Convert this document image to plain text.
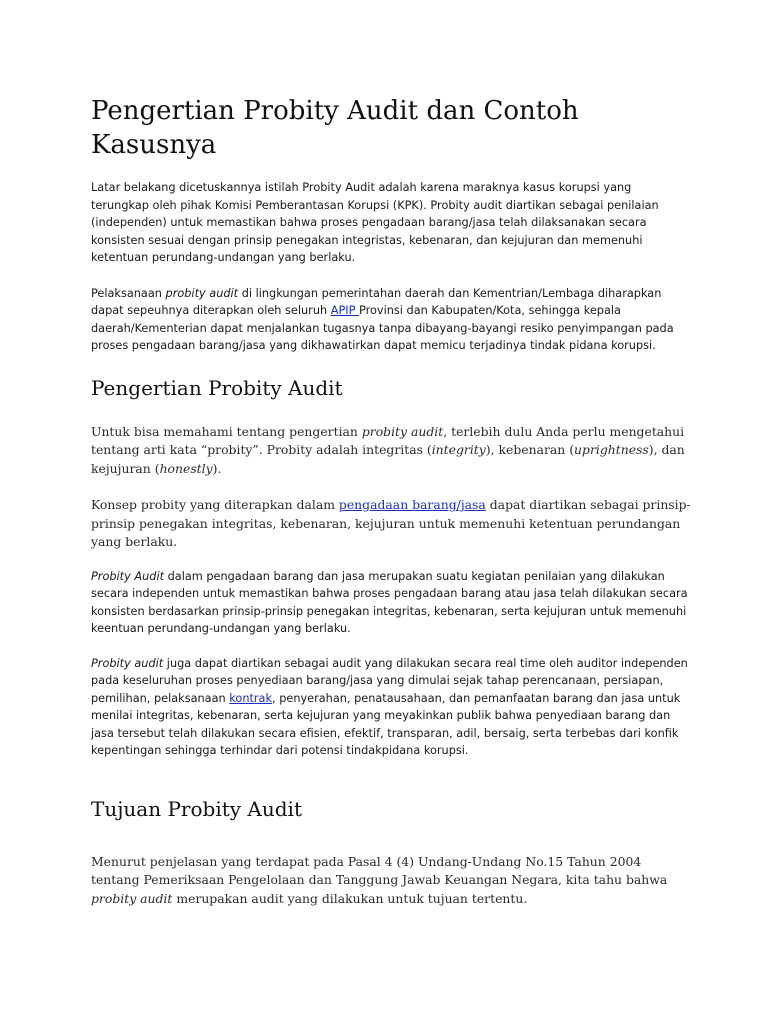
Pengertian Probity Audit dan Contoh Kasusnya

Latar belakang dicetuskannya istilah Probity Audit adalah karena maraknya kasus korupsi yang terungkap oleh pihak Komisi Pemberantasan Korupsi (KPK). Probity audit diartikan sebagai penilaian (independen) untuk memastikan bahwa proses pengadaan barang/jasa telah dilaksanakan secara konsisten sesuai dengan prinsip penegakan integristas, kebenaran, dan kejujuran dan memenuhi ketentuan perundang-undangan yang berlaku.

Pelaksanaan probity audit di lingkungan pemerintahan daerah dan Kementrian/Lembaga diharapkan dapat sepeuhnya diterapkan oleh seluruh APIP Provinsi dan Kabupaten/Kota, sehingga kepala daerah/Kementerian dapat menjalankan tugasnya tanpa dibayang-bayangi resiko penyimpangan pada proses pengadaan barang/jasa yang dikhawatirkan dapat memicu terjadinya tindak pidana korupsi.

Pengertian Probity Audit

Untuk bisa memahami tentang pengertian probity audit, terlebih dulu Anda perlu mengetahui tentang arti kata “probity”. Probity adalah integritas (integrity), kebenaran (uprightness), dan kejujuran (honestly).

Konsep probity yang diterapkan dalam pengadaan barang/jasa dapat diartikan sebagai prinsip-prinsip penegakan integritas, kebenaran, kejujuran untuk memenuhi ketentuan perundangan yang berlaku.

Probity Audit dalam pengadaan barang dan jasa merupakan suatu kegiatan penilaian yang dilakukan secara independen untuk memastikan bahwa proses pengadaan barang atau jasa telah dilakukan secara konsisten berdasarkan prinsip-prinsip penegakan integritas, kebenaran, serta kejujuran untuk memenuhi keentuan perundang-undangan yang berlaku.

Probity audit juga dapat diartikan sebagai audit yang dilakukan secara real time oleh auditor independen pada keseluruhan proses penyediaan barang/jasa yang dimulai sejak tahap perencanaan, persiapan, pemilihan, pelaksanaan kontrak, penyerahan, penatausahaan, dan pemanfaatan barang dan jasa untuk menilai integritas, kebenaran, serta kejujuran yang meyakinkan publik bahwa penyediaan barang dan jasa tersebut telah dilakukan secara efisien, efektif, transparan, adil, bersaig, serta terbebas dari konfik kepentingan sehingga terhindar dari potensi tindakpidana korupsi.

Tujuan Probity Audit

Menurut penjelasan yang terdapat pada Pasal 4 (4) Undang-Undang No.15 Tahun 2004 tentang Pemeriksaan Pengelolaan dan Tanggung Jawab Keuangan Negara, kita tahu bahwa probity audit merupakan audit yang dilakukan untuk tujuan tertentu.
